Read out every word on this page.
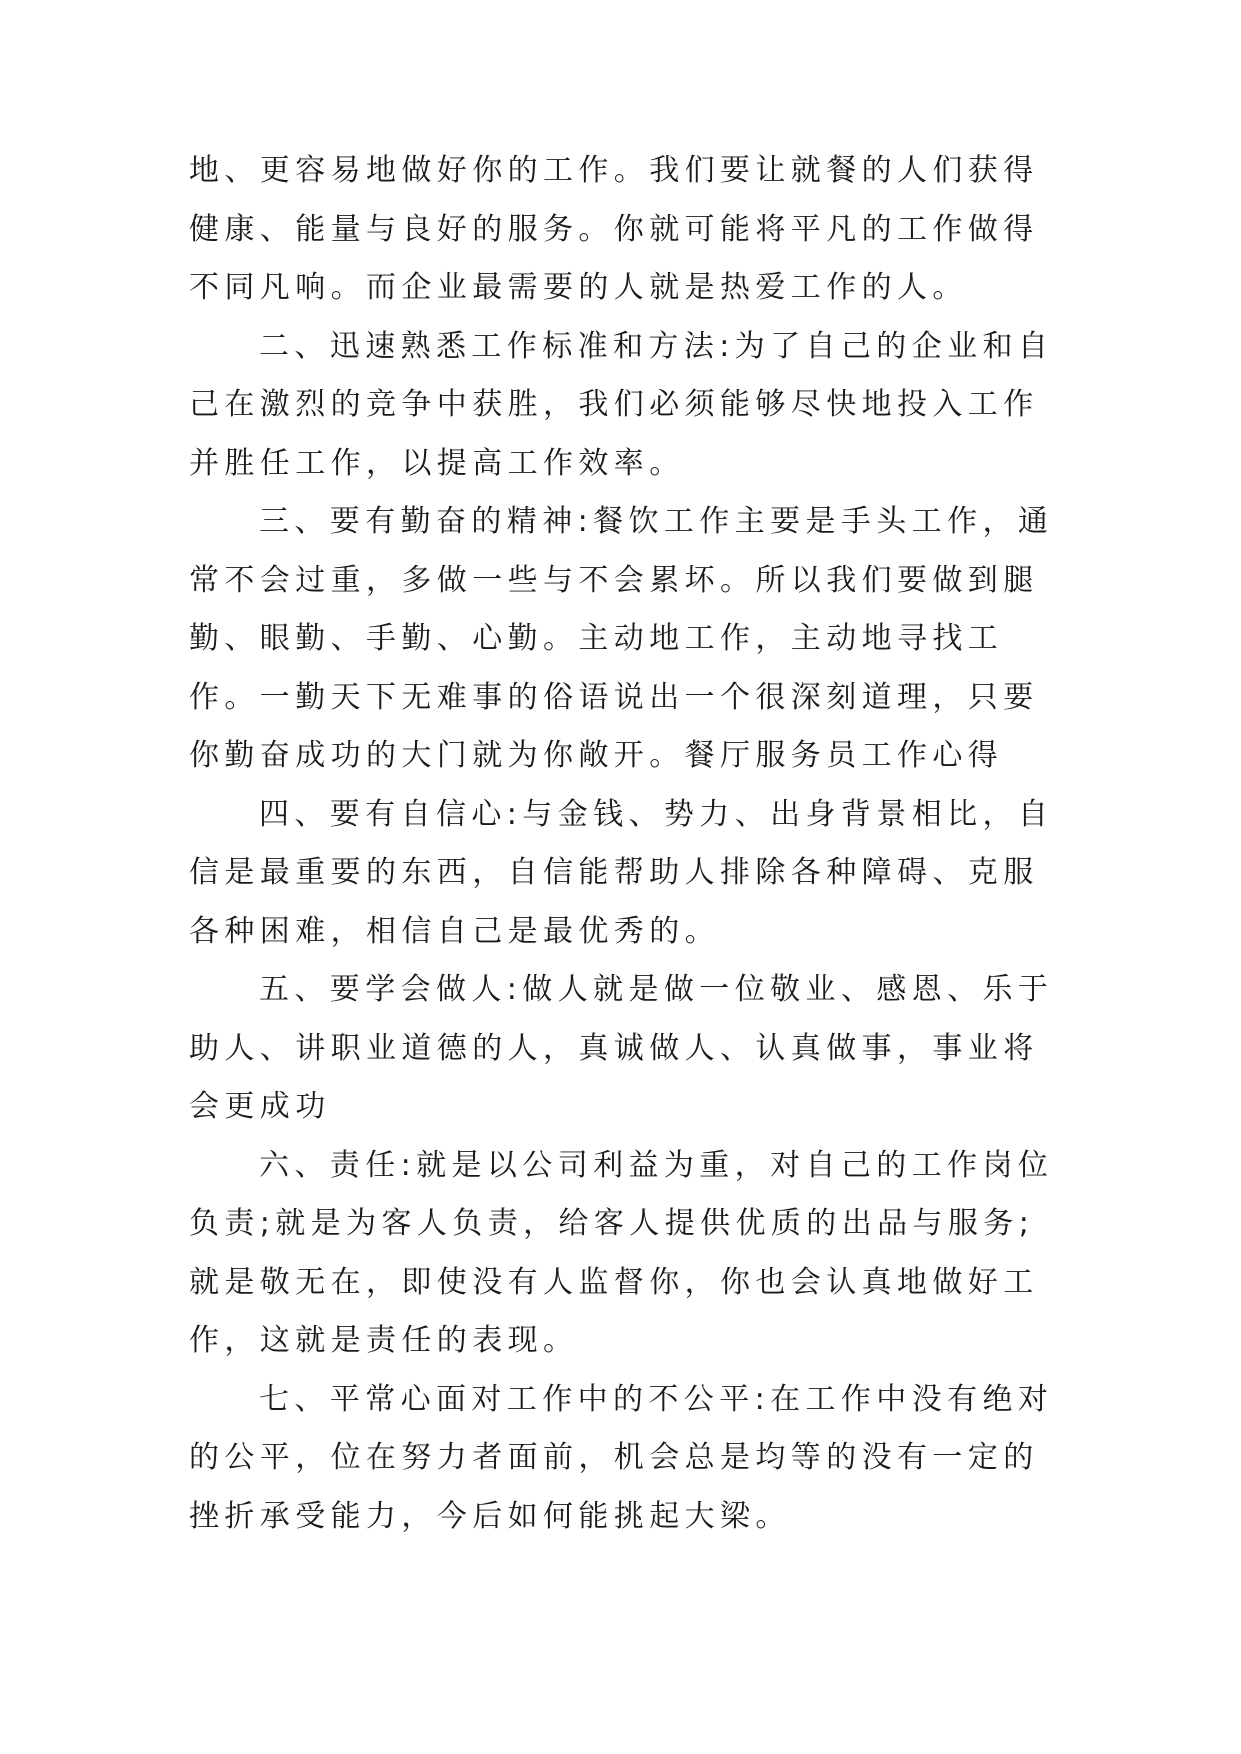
地、更容易地做好你的工作。我们要让就餐的人们获得健康、能量与良好的服务。你就可能将平凡的工作做得不同凡响。而企业最需要的人就是热爱工作的人。

二、迅速熟悉工作标准和方法:为了自己的企业和自己在激烈的竞争中获胜，我们必须能够尽快地投入工作并胜任工作，以提高工作效率。

三、要有勤奋的精神:餐饮工作主要是手头工作，通常不会过重，多做一些与不会累坏。所以我们要做到腿勤、眼勤、手勤、心勤。主动地工作，主动地寻找工作。一勤天下无难事的俗语说出一个很深刻道理，只要你勤奋成功的大门就为你敞开。餐厅服务员工作心得

四、要有自信心:与金钱、势力、出身背景相比，自信是最重要的东西，自信能帮助人排除各种障碍、克服各种困难，相信自己是最优秀的。

五、要学会做人:做人就是做一位敬业、感恩、乐于助人、讲职业道德的人，真诚做人、认真做事，事业将会更成功

六、责任:就是以公司利益为重，对自己的工作岗位负责;就是为客人负责，给客人提供优质的出品与服务;就是敬无在，即使没有人监督你，你也会认真地做好工作，这就是责任的表现。

七、平常心面对工作中的不公平:在工作中没有绝对的公平，位在努力者面前，机会总是均等的没有一定的挫折承受能力，今后如何能挑起大梁。
